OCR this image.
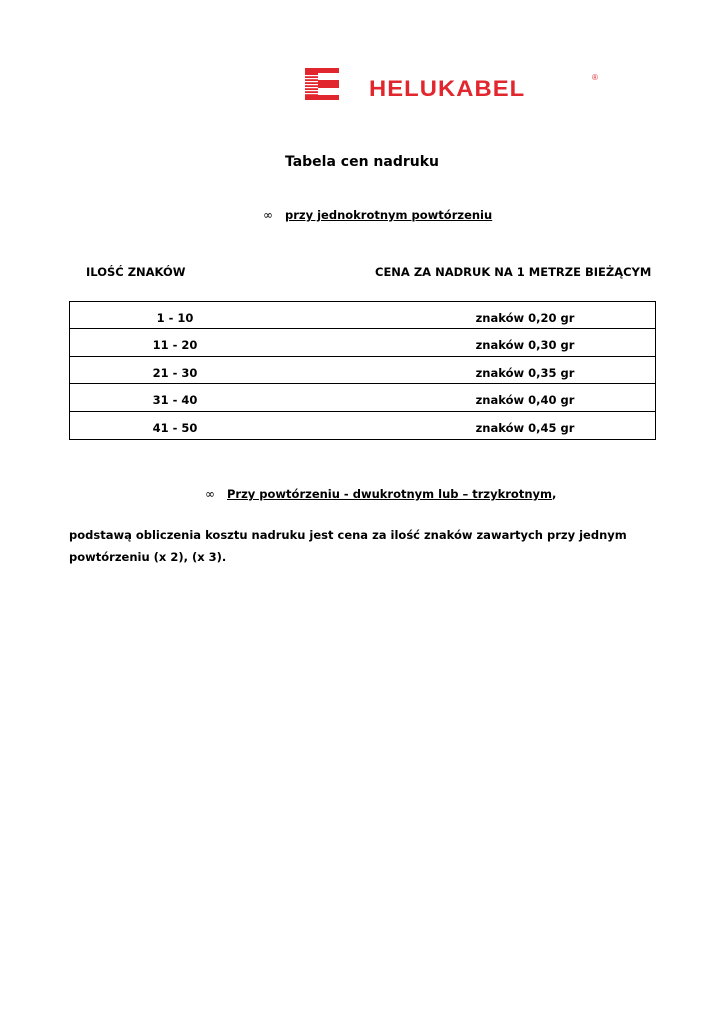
HELUKABEL	®
Tabela cen nadruku
∞ przy jednokrotnym powtórzeniu
ILOŚĆ ZNAKÓW	CENA ZA NADRUK NA 1 METRZE BIEŻĄCYM
1 - 10	znaków 0,20 gr
11 - 20	znaków 0,30 gr
21 - 30	znaków 0,35 gr
31 - 40	znaków 0,40 gr
41 - 50	znaków 0,45 gr
∞ Przy powtórzeniu - dwukrotnym lub – trzykrotnym,

podstawą obliczenia kosztu nadruku jest cena za ilość znaków zawartych przy jednym powtórzeniu (x 2), (x 3).
